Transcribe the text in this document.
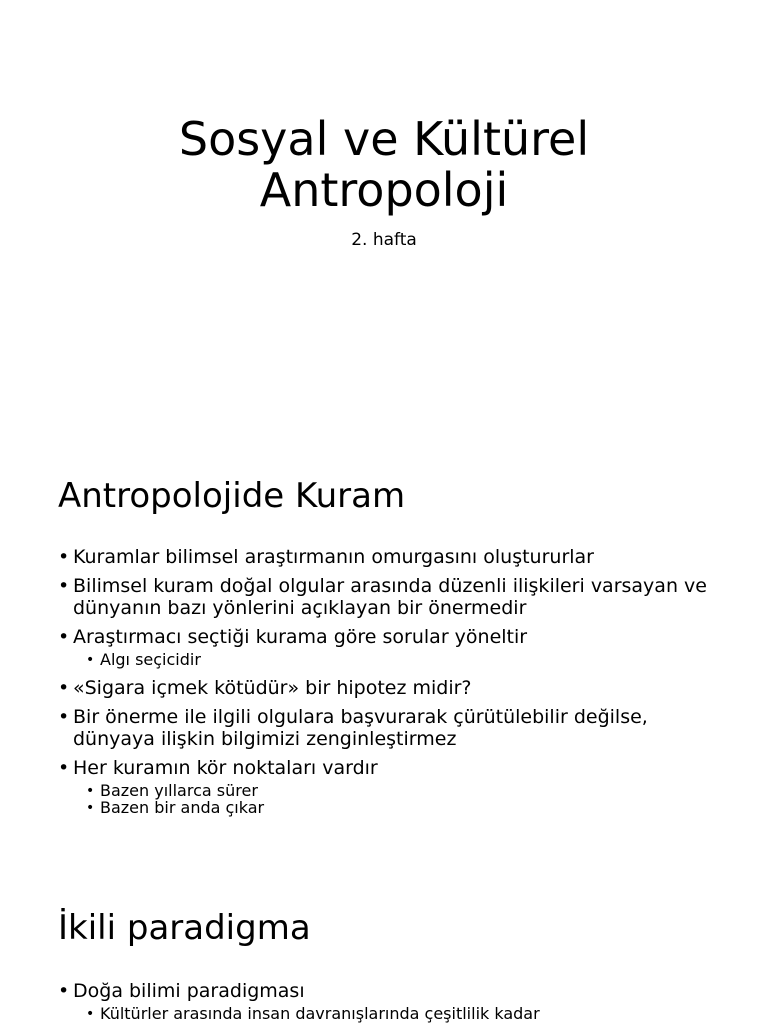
Sosyal ve Kültürel
Antropoloji

2. hafta

Antropolojide Kuram
• Kuramlar bilimsel araştırmanın omurgasını oluştururlar
• Bilimsel kuram doğal olgular arasında düzenli ilişkileri varsayan ve dünyanın bazı yönlerini açıklayan bir önermedir
• Araştırmacı seçtiği kurama göre sorular yöneltir
• Algı seçicidir
• «Sigara içmek kötüdür» bir hipotez midir?
• Bir önerme ile ilgili olgulara başvurarak çürütülebilir değilse, dünyaya ilişkin bilgimizi zenginleştirmez
• Her kuramın kör noktaları vardır
• Bazen yıllarca sürer
• Bazen bir anda çıkar
İkili paradigma
• Doğa bilimi paradigması
• Kültürler arasında insan davranışlarında çeşitlilik kadar
